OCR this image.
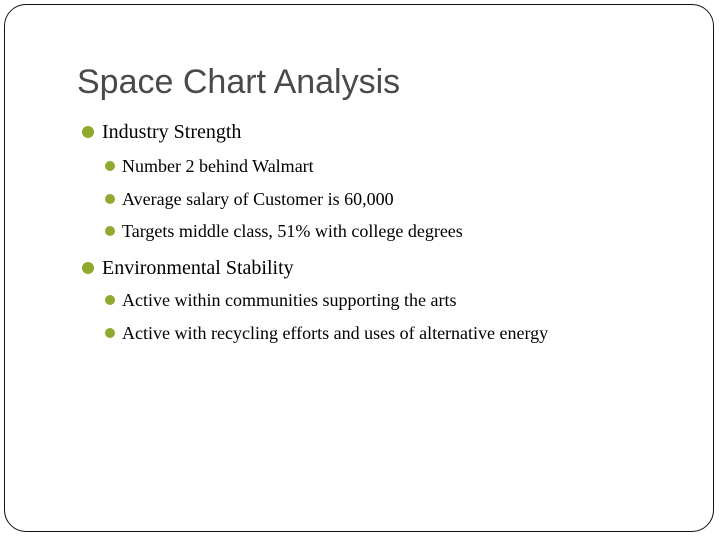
Space Chart Analysis
Industry Strength
Number 2 behind Walmart
Average salary of Customer is 60,000
Targets middle class, 51% with college degrees
Environmental Stability
Active within communities supporting the arts
Active with recycling efforts and uses of alternative energy
